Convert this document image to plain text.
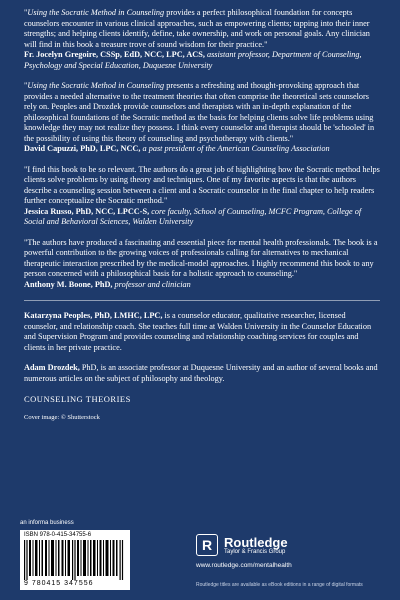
"Using the Socratic Method in Counseling provides a perfect philosophical foundation for concepts counselors encounter in various clinical approaches, such as empowering clients; tapping into their inner strengths; and helping clients identify, define, take ownership, and work on personal goals. Any clinician will find in this book a treasure trove of sound wisdom for their practice."
Fr. Jocelyn Gregoire, CSSp, EdD, NCC, LPC, ACS, assistant professor, Department of Counseling, Psychology and Special Education, Duquesne University
"Using the Socratic Method in Counseling presents a refreshing and thought-provoking approach that provides a needed alternative to the treatment theories that often comprise the theoretical sets counselors rely on. Peoples and Drozdek provide counselors and therapists with an in-depth explanation of the philosophical foundations of the Socratic method as the basis for helping clients solve life problems using knowledge they may not realize they possess. I think every counselor and therapist should be 'schooled' in the possibility of using this theory of counseling and psychotherapy with clients."
David Capuzzi, PhD, LPC, NCC, a past president of the American Counseling Association
"I find this book to be so relevant. The authors do a great job of highlighting how the Socratic method helps clients solve problems by using theory and techniques. One of my favorite aspects is that the authors describe a counseling session between a client and a Socratic counselor in the final chapter to help readers further conceptualize the Socratic method."
Jessica Russo, PhD, NCC, LPCC-S, core faculty, School of Counseling, MCFC Program, College of Social and Behavioral Sciences, Walden University
"The authors have produced a fascinating and essential piece for mental health professionals. The book is a powerful contribution to the growing voices of professionals calling for alternatives to mechanical therapeutic interaction prescribed by the medical-model approaches. I highly recommend this book to any person concerned with a philosophical basis for a holistic approach to counseling."
Anthony M. Boone, PhD, professor and clinician
Katarzyna Peoples, PhD, LMHC, LPC, is a counselor educator, qualitative researcher, licensed counselor, and relationship coach. She teaches full time at Walden University in the Counselor Education and Supervision Program and provides counseling and relationship coaching services for couples and clients in her private practice.
Adam Drozdek, PhD, is an associate professor at Duquesne University and an author of several books and numerous articles on the subject of philosophy and theology.
COUNSELING THEORIES
Cover image: © Shutterstock
an informa business
ISBN 978-0-415-34755-6
9 780415 347556
R Routledge
Taylor & Francis Group
www.routledge.com/mentalhealth
Routledge titles are available as eBook editions in a range of digital formats
